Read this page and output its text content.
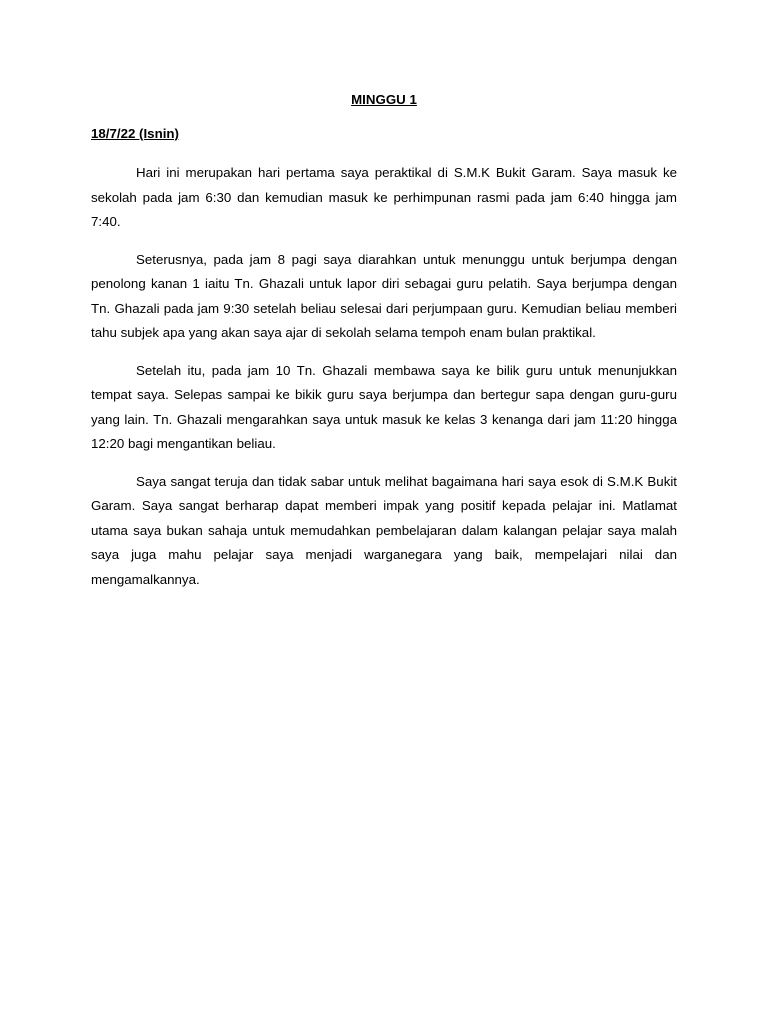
MINGGU 1
18/7/22 (Isnin)

Hari ini merupakan hari pertama saya peraktikal di S.M.K Bukit Garam. Saya masuk ke sekolah pada jam 6:30 dan kemudian masuk ke perhimpunan rasmi pada jam 6:40 hingga jam 7:40.

Seterusnya, pada jam 8 pagi saya diarahkan untuk menunggu untuk berjumpa dengan penolong kanan 1 iaitu Tn. Ghazali untuk lapor diri sebagai guru pelatih. Saya berjumpa dengan Tn. Ghazali pada jam 9:30 setelah beliau selesai dari perjumpaan guru. Kemudian beliau memberi tahu subjek apa yang akan saya ajar di sekolah selama tempoh enam bulan praktikal.

Setelah itu, pada jam 10 Tn. Ghazali membawa saya ke bilik guru untuk menunjukkan tempat saya. Selepas sampai ke bikik guru saya berjumpa dan bertegur sapa dengan guru-guru yang lain. Tn. Ghazali mengarahkan saya untuk masuk ke kelas 3 kenanga dari jam 11:20 hingga 12:20 bagi mengantikan beliau.

Saya sangat teruja dan tidak sabar untuk melihat bagaimana hari saya esok di S.M.K Bukit Garam. Saya sangat berharap dapat memberi impak yang positif kepada pelajar ini. Matlamat utama saya bukan sahaja untuk memudahkan pembelajaran dalam kalangan pelajar saya malah saya juga mahu pelajar saya menjadi warganegara yang baik, mempelajari nilai dan mengamalkannya.
